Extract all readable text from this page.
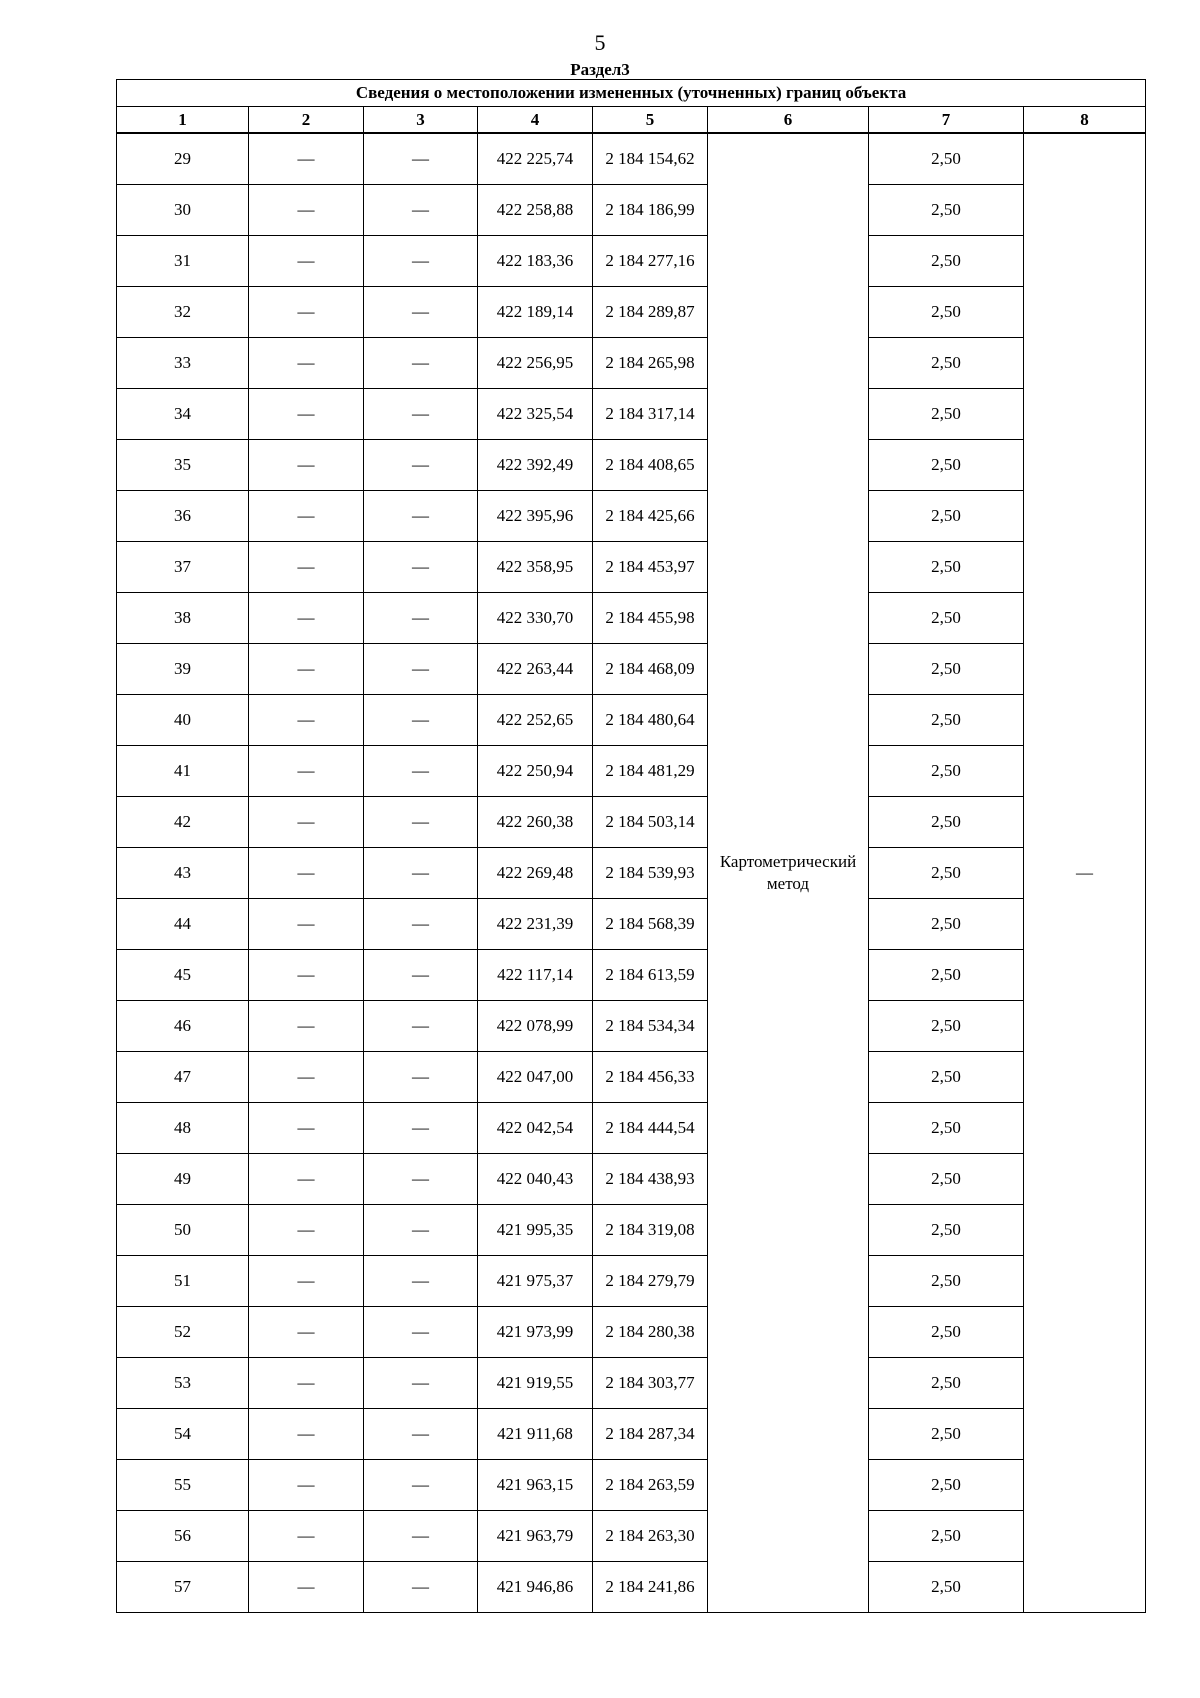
5
Раздел3
Сведения о местоположении измененных (уточненных) границ объекта							
1	2	3	4	5	6	7	8
29	—	—	422 225,74	2 184 154,62	Картометрический метод	2,50	—
30	—	—	422 258,88	2 184 186,99		2,50	
31	—	—	422 183,36	2 184 277,16		2,50	
32	—	—	422 189,14	2 184 289,87		2,50	
33	—	—	422 256,95	2 184 265,98		2,50	
34	—	—	422 325,54	2 184 317,14		2,50	
35	—	—	422 392,49	2 184 408,65		2,50	
36	—	—	422 395,96	2 184 425,66		2,50	
37	—	—	422 358,95	2 184 453,97		2,50	
38	—	—	422 330,70	2 184 455,98		2,50	
39	—	—	422 263,44	2 184 468,09		2,50	
40	—	—	422 252,65	2 184 480,64		2,50	
41	—	—	422 250,94	2 184 481,29		2,50	
42	—	—	422 260,38	2 184 503,14		2,50	
43	—	—	422 269,48	2 184 539,93		2,50	
44	—	—	422 231,39	2 184 568,39		2,50	
45	—	—	422 117,14	2 184 613,59		2,50	
46	—	—	422 078,99	2 184 534,34		2,50	
47	—	—	422 047,00	2 184 456,33		2,50	
48	—	—	422 042,54	2 184 444,54		2,50	
49	—	—	422 040,43	2 184 438,93		2,50	
50	—	—	421 995,35	2 184 319,08		2,50	
51	—	—	421 975,37	2 184 279,79		2,50	
52	—	—	421 973,99	2 184 280,38		2,50	
53	—	—	421 919,55	2 184 303,77		2,50	
54	—	—	421 911,68	2 184 287,34		2,50	
55	—	—	421 963,15	2 184 263,59		2,50	
56	—	—	421 963,79	2 184 263,30		2,50	
57	—	—	421 946,86	2 184 241,86		2,50	
